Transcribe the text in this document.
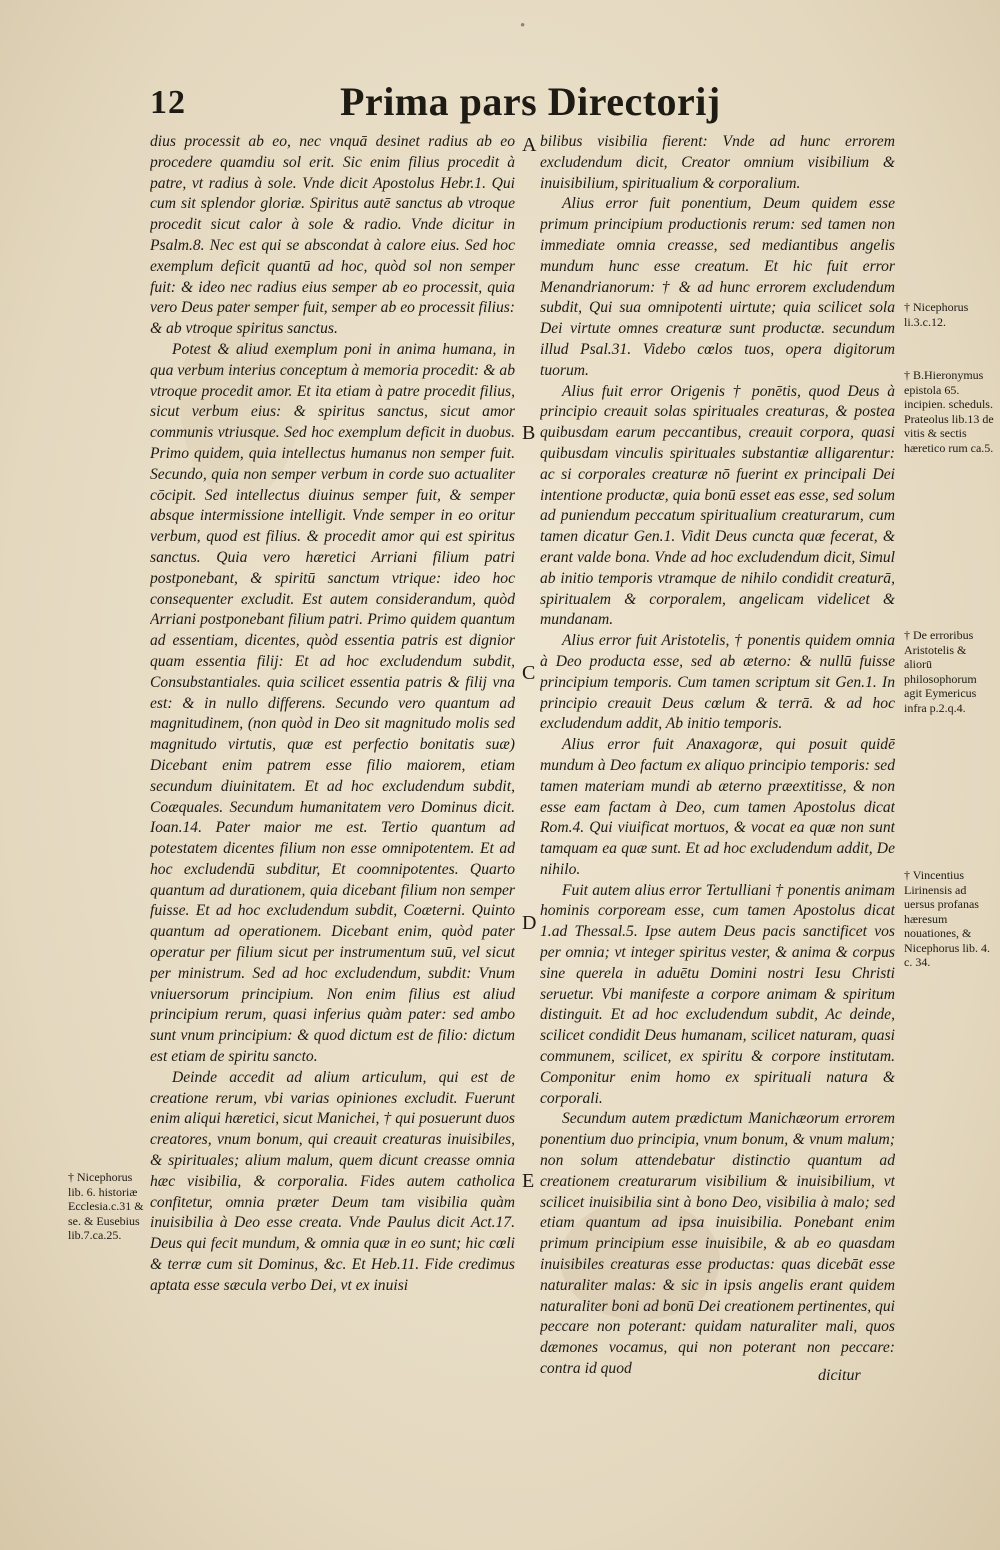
12	Prima pars Directorij

dius processit ab eo, nec vnquā desinet radius ab eo procedere quamdiu sol erit. Sic enim filius procedit à patre, vt radius à sole. Vnde dicit Apostolus Hebr.1. Qui cum sit splendor gloriæ. Spiritus autē sanctus ab vtroque procedit sicut calor à sole & radio. Vnde dicitur in Psalm.8. Nec est qui se abscondat à calore eius. Sed hoc exemplum deficit quantū ad hoc, quòd sol non semper fuit: & ideo nec radius eius semper ab eo processit, quia vero Deus pater semper fuit, semper ab eo processit filius: & ab vtroque spiritus sanctus.

Potest & aliud exemplum poni in anima humana, in qua verbum interius conceptum à memoria procedit: & ab vtroque procedit amor. Et ita etiam à patre procedit filius, sicut verbum eius: & spiritus sanctus, sicut amor communis vtriusque. Sed hoc exemplum deficit in duobus. Primo quidem, quia intellectus humanus non semper fuit. Secundo, quia non semper verbum in corde suo actualiter cōcipit. Sed intellectus diuinus semper fuit, & semper absque intermissione intelligit. Vnde semper in eo oritur verbum, quod est filius. & procedit amor qui est spiritus sanctus. Quia vero hæretici Arriani filium patri postponebant, & spiritū sanctum vtrique: ideo hoc consequenter excludit. Est autem considerandum, quòd Arriani postponebant filium patri. Primo quidem quantum ad essentiam, dicentes, quòd essentia patris est dignior quam essentia filij: Et ad hoc excludendum subdit, Consubstantiales. quia scilicet essentia patris & filij vna est: & in nullo differens. Secundo vero quantum ad magnitudinem, (non quòd in Deo sit magnitudo molis sed magnitudo virtutis, quæ est perfectio bonitatis suæ) Dicebant enim patrem esse filio maiorem, etiam secundum diuinitatem. Et ad hoc excludendum subdit, Coæquales. Secundum humanitatem vero Dominus dicit. Ioan.14. Pater maior me est. Tertio quantum ad potestatem dicentes filium non esse omnipotentem. Et ad hoc excludendū subditur, Et coomnipotentes. Quarto quantum ad durationem, quia dicebant filium non semper fuisse. Et ad hoc excludendum subdit, Coæterni. Quinto quantum ad operationem. Dicebant enim, quòd pater operatur per filium sicut per instrumentum suū, vel sicut per ministrum. Sed ad hoc excludendum, subdit: Vnum vniuersorum principium. Non enim filius est aliud principium rerum, quasi inferius quàm pater: sed ambo sunt vnum principium: & quod dictum est de filio: dictum est etiam de spiritu sancto.

Deinde accedit ad alium articulum, qui est de creatione rerum, vbi varias opiniones excludit. Fuerunt enim aliqui hæretici, sicut Manichei, † qui posuerunt duos creatores, vnum bonum, qui creauit creaturas inuisibiles, & spirituales; alium malum, quem dicunt creasse omnia hæc visibilia, & corporalia. Fides autem catholica confitetur, omnia præter Deum tam visibilia quàm inuisibilia à Deo esse creata. Vnde Paulus dicit Act.17. Deus qui fecit mundum, & omnia quæ in eo sunt; hic cœli & terræ cum sit Dominus, &c. Et Heb.11. Fide credimus aptata esse sæcula verbo Dei, vt ex inuisi

bilibus visibilia fierent: Vnde ad hunc errorem excludendum dicit, Creator omnium visibilium & inuisibilium, spiritualium & corporalium.

Alius error fuit ponentium, Deum quidem esse primum principium productionis rerum: sed tamen non immediate omnia creasse, sed mediantibus angelis mundum hunc esse creatum. Et hic fuit error Menandrianorum: † & ad hunc errorem excludendum subdit, Qui sua omnipotenti uirtute; quia scilicet sola Dei virtute omnes creaturæ sunt productæ. secundum illud Psal.31. Videbo cœlos tuos, opera digitorum tuorum.

Alius fuit error Origenis † ponētis, quod Deus à principio creauit solas spirituales creaturas, & postea quibusdam earum peccantibus, creauit corpora, quasi quibusdam vinculis spirituales substantiæ alligarentur: ac si corporales creaturæ nō fuerint ex principali Dei intentione productæ, quia bonū esset eas esse, sed solum ad puniendum peccatum spiritualium creaturarum, cum tamen dicatur Gen.1. Vidit Deus cuncta quæ fecerat, & erant valde bona. Vnde ad hoc excludendum dicit, Simul ab initio temporis vtramque de nihilo condidit creaturā, spiritualem & corporalem, angelicam videlicet & mundanam.

Alius error fuit Aristotelis, † ponentis quidem omnia à Deo producta esse, sed ab æterno: & nullū fuisse principium temporis. Cum tamen scriptum sit Gen.1. In principio creauit Deus cœlum & terrā. & ad hoc excludendum addit, Ab initio temporis.

Alius error fuit Anaxagoræ, qui posuit quidē mundum à Deo factum ex aliquo principio temporis: sed tamen materiam mundi ab æterno præextitisse, & non esse eam factam à Deo, cum tamen Apostolus dicat Rom.4. Qui viuificat mortuos, & vocat ea quæ non sunt tamquam ea quæ sunt. Et ad hoc excludendum addit, De nihilo.

Fuit autem alius error Tertulliani † ponentis animam hominis corpoream esse, cum tamen Apostolus dicat 1.ad Thessal.5. Ipse autem Deus pacis sanctificet vos per omnia; vt integer spiritus vester, & anima & corpus sine querela in aduētu Domini nostri Iesu Christi seruetur. Vbi manifeste a corpore animam & spiritum distinguit. Et ad hoc excludendum subdit, Ac deinde, scilicet condidit Deus humanam, scilicet naturam, quasi communem, scilicet, ex spiritu & corpore institutam. Componitur enim homo ex spirituali natura & corporali.

Secundum autem prædictum Manichæorum errorem ponentium duo principia, vnum bonum, & vnum malum; non solum attendebatur distinctio quantum ad creationem creaturarum visibilium & inuisibilium, vt scilicet inuisibilia sint à bono Deo, visibilia à malo; sed etiam quantum ad ipsa inuisibilia. Ponebant enim primum principium esse inuisibile, & ab eo quasdam inuisibiles creaturas esse productas: quas dicebāt esse naturaliter malas: & sic in ipsis angelis erant quidem naturaliter boni ad bonū Dei creationem pertinentes, qui peccare non poterant: quidam naturaliter mali, quos dæmones vocamus, qui non poterant non peccare: contra id quod

A
B
C
D
E
† Nicephorus li.3.c.12.
† B.Hieronymus epistola 65. incipien. scheduls. Prateolus lib.13 de vitis & sectis hæretico rum ca.5.
† De erroribus Aristotelis & aliorū philosophorum agit Eymericus infra p.2.q.4.
† Vincentius Lirinensis ad uersus profanas hæresum nouationes, & Nicephorus lib. 4. c. 34.
† Nicephorus lib. 6. historiæ Ecclesia.c.31 & se. & Eusebius lib.7.ca.25.
dicitur
•
